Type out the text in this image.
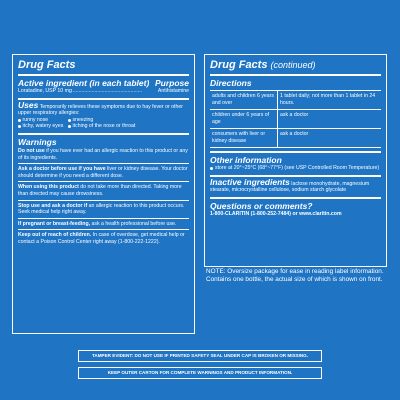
Drug Facts
Active ingredient (in each tablet) Purpose
Loratadine, USP 10 mg ................................................	Antihistamine
Uses Temporarily relieves these symptoms due to hay fever or other upper respiratory allergies:
runny nose	sneezing
itchy, watery eyes itching of the nose or throat
Warnings
Do not use if you have ever had an allergic reaction to this product or any of its ingredients.
Ask a doctor before use if you have liver or kidney disease. Your doctor should determine if you need a different dose.
When using this product do not take more than directed. Taking more than directed may cause drowsiness.
Stop use and ask a doctor if an allergic reaction to this product occurs. Seek medical help right away.
If pregnant or breast-feeding, ask a health professional before use.
Keep out of reach of children. In case of overdose, get medical help or contact a Poison Control Center right away (1-800-222-1222).
Drug Facts (continued)
Directions
adults and children 6 years and over
1 tablet daily; not more than 1 tablet in 24 hours.
children under 6 years of age
ask a doctor
consumers with liver or kidney disease
ask a doctor
Other information
store at 20°~25°C (68°~77°F) (see USP Controlled Room Temperature)
Inactive ingredients lactose monohydrate, magnesium stearate, microcrystalline cellulose, sodium starch glycolate
Questions or comments?
1-800-CLARITIN (1-800-252-7484) or www.claritin.com
NOTE: Oversize package for ease in reading label information. Contains one bottle, the actual size of which is shown on front.
TAMPER EVIDENT: DO NOT USE IF PRINTED SAFETY SEAL UNDER CAP IS BROKEN OR MISSING.
KEEP OUTER CARTON FOR COMPLETE WARNINGS AND PRODUCT INFORMATION.
